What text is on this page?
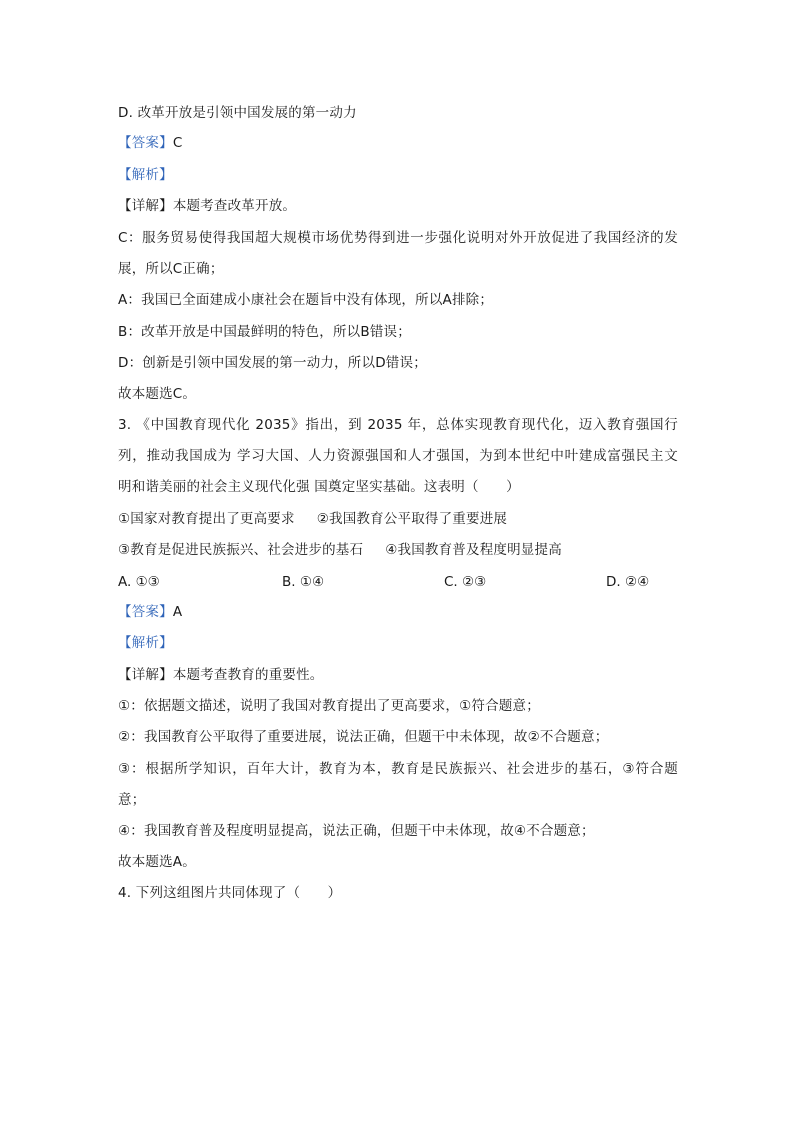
D. 改革开放是引领中国发展的第一动力
【答案】C
【解析】
【详解】本题考查改革开放。
C：服务贸易使得我国超大规模市场优势得到进一步强化说明对外开放促进了我国经济的发
展，所以C正确；
A：我国已全面建成小康社会在题旨中没有体现，所以A排除；
B：改革开放是中国最鲜明的特色，所以B错误；
D：创新是引领中国发展的第一动力，所以D错误；
故本题选C。
3. 《中国教育现代化 2035》指出，到 2035 年，总体实现教育现代化，迈入教育强国行
列，推动我国成为 学习大国、人力资源强国和人才强国，为到本世纪中叶建成富强民主文
明和谐美丽的社会主义现代化强 国奠定坚实基础。这表明（　　）
①国家对教育提出了更高要求 ②我国教育公平取得了重要进展
③教育是促进民族振兴、社会进步的基石 ④我国教育普及程度明显提高
A. ①③	B. ①④	C. ②③	D. ②④
【答案】A
【解析】
【详解】本题考查教育的重要性。
①：依据题文描述，说明了我国对教育提出了更高要求，①符合题意；
②：我国教育公平取得了重要进展，说法正确，但题干中未体现，故②不合题意；
③：根据所学知识，百年大计，教育为本，教育是民族振兴、社会进步的基石，③符合题
意；
④：我国教育普及程度明显提高，说法正确，但题干中未体现，故④不合题意；
故本题选A。
4. 下列这组图片共同体现了（　　）
